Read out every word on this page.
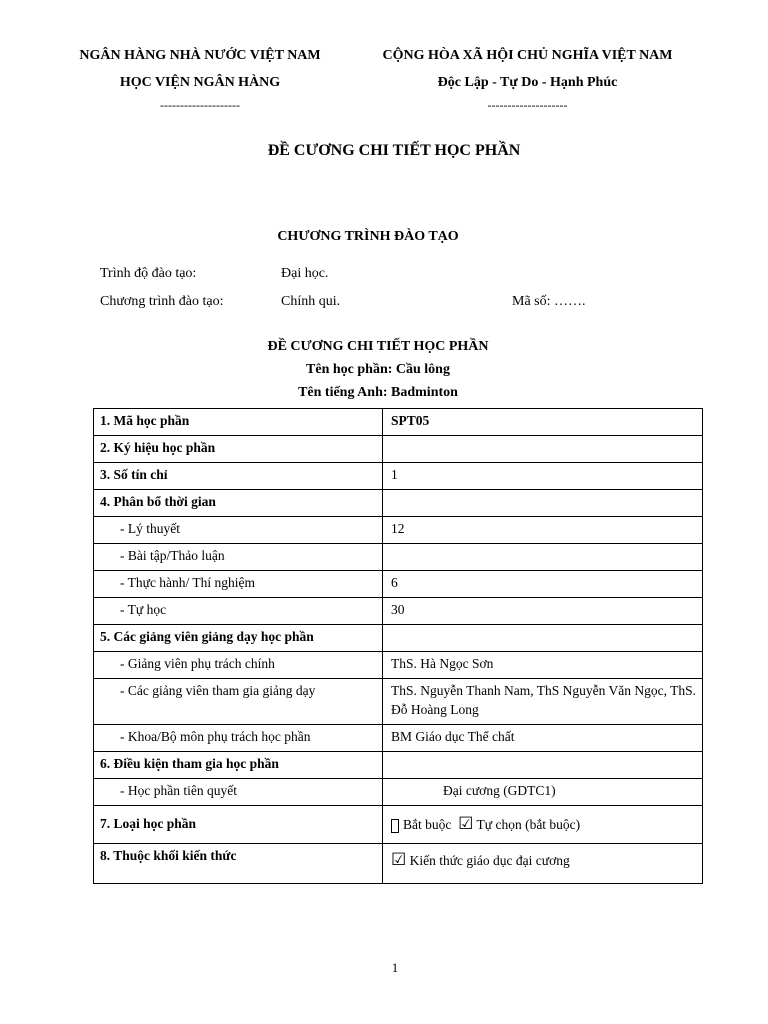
NGÂN HÀNG NHÀ NƯỚC VIỆT NAM
HỌC VIỆN NGÂN HÀNG
--------------------
CỘNG HÒA XÃ HỘI CHỦ NGHĨA VIỆT NAM
Độc Lập - Tự Do - Hạnh Phúc
--------------------
ĐỀ CƯƠNG CHI TIẾT HỌC PHẦN
CHƯƠNG TRÌNH ĐÀO TẠO
Trình độ đào tạo:	Đại học.
Chương trình đào tạo:	Chính qui.	Mã số: …….
ĐỀ CƯƠNG CHI TIẾT HỌC PHẦN
Tên học phần: Cầu lông
Tên tiếng Anh: Badminton
1. Mã học phần	SPT05
2. Ký hiệu học phần	
3. Số tín chỉ	1
4. Phân bổ thời gian	
- Lý thuyết	12
- Bài tập/Thảo luận	
- Thực hành/ Thí nghiệm	6
- Tự học	30
5. Các giảng viên giảng dạy học phần	
- Giảng viên phụ trách chính	ThS. Hà Ngọc Sơn
- Các giảng viên tham gia giảng dạy	ThS. Nguyễn Thanh Nam, ThS Nguyễn Văn Ngọc, ThS. Đỗ Hoàng Long
- Khoa/Bộ môn phụ trách học phần	BM Giáo dục Thể chất
6. Điều kiện tham gia học phần	
- Học phần tiên quyết	Đại cương (GDTC1)
7. Loại học phần	Bắt buộc ☑ Tự chọn (bắt buộc)
8. Thuộc khối kiến thức	☑ Kiến thức giáo dục đại cương
1
